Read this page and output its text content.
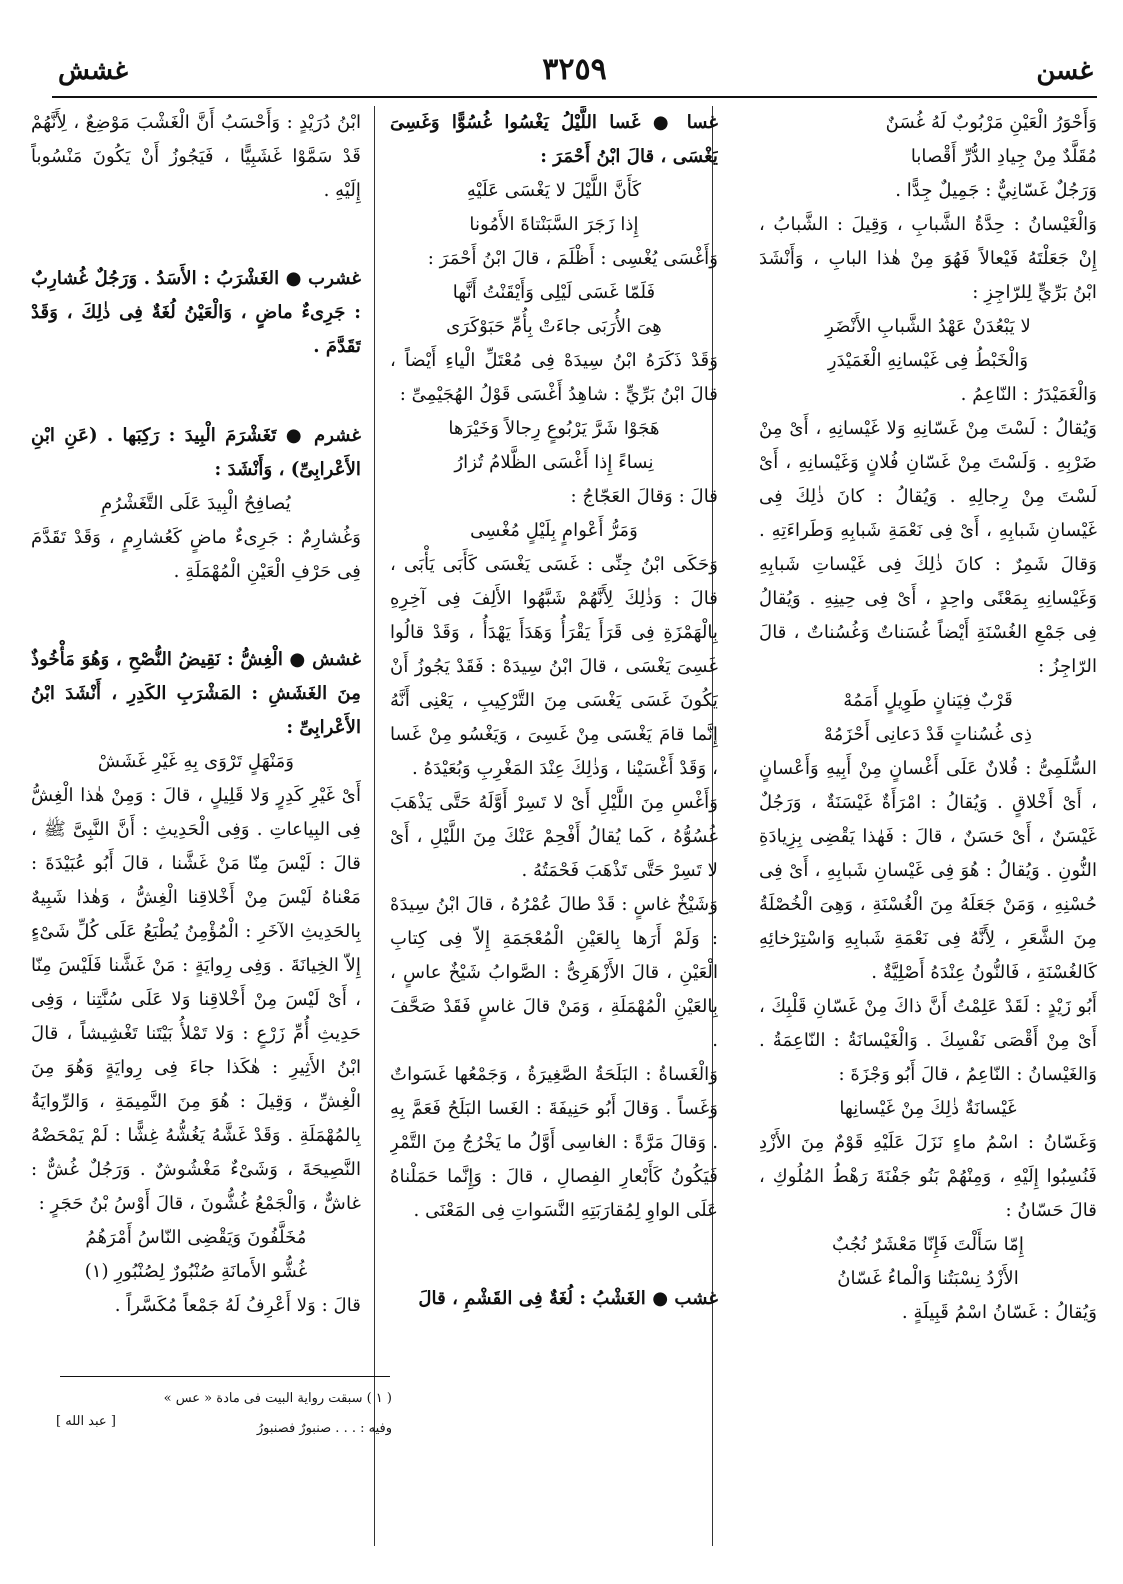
غسن
٣٢٥٩
غشش

وَأَحْوَرُ الْعَيْنِ مَرْبُوبٌ لَهُ غُسَنٌ

مُقَلَّدٌ مِنْ جِيادِ الدُّرِّ أَقْصابا

وَرَجُلٌ غَسّانِيٌّ : جَمِيلٌ جِدًّا .

وَالْغَيْسانُ : حِدَّةُ الشَّبابِ ، وَقِيلَ : الشَّبابُ ، إِنْ جَعَلْتَهُ فَيْعالاً فَهُوَ مِنْ هٰذا البابِ ، وَأَنْشَدَ ابْنُ بَرِّيٍّ لِلرّاجِزِ :

لا يَبْعُدَنْ عَهْدُ الشَّبابِ الأَنْضَرِ

وَالْخَبْطُ فِى غَيْسانِهِ الْغَمَيْدَرِ

وَالْغَمَيْدَرُ : النّاعِمُ .

وَيُقالُ : لَسْتَ مِنْ غَسّانِهِ وَلا غَيْسانِهِ ، أَىْ مِنْ ضَرْبِهِ . وَلَسْتَ مِنْ غَسّانِ فُلانٍ وَغَيْسانِهِ ، أَىْ لَسْتَ مِنْ رِجالِهِ . وَيُقالُ : كانَ ذٰلِكَ فِى غَيْسانِ شَبابِهِ ، أَىْ فِى نَعْمَةِ شَبابِهِ وَطَراءَتِهِ . وَقالَ شَمِرٌ : كانَ ذٰلِكَ فِى غَيْساتِ شَبابِهِ وَغَيْسانِهِ بِمَعْنًى واحِدٍ ، أَىْ فِى حِينِهِ . وَيُقالُ فِى جَمْعِ الغُسْنَةِ أَيْضاً غُسَناتٌ وَغُسُناتٌ ، قالَ الرّاجِزُ :

قَرْبٌ فِيَنانٍ طَوِيلٍ أَمَمُهْ

ذِى غُسُناتٍ قَدْ دَعانِى أَحْزَمُهْ

السُّلَمِىُّ : فُلانٌ عَلَى أَغْسانٍ مِنْ أَبِيهِ وَأَعْسانٍ ، أَىْ أَخْلاقٍ . وَيُقالُ : امْرَأَةٌ غَيْسَنَةٌ ، وَرَجُلٌ غَيْسَنٌ ، أَىْ حَسَنٌ ، قالَ : فَهٰذا يَقْضِى بِزِيادَةِ النُّونِ . وَيُقالُ : هُوَ فِى غَيْسانِ شَبابِهِ ، أَىْ فِى حُسْنِهِ ، وَمَنْ جَعَلَهُ مِنَ الْغُسْنَةِ ، وَهِىَ الْخُصْلَةُ مِنَ الشَّعَرِ ، لِأَنَّهُ فِى نَعْمَةِ شَبابِهِ وَاسْتِرْخائِهِ كَالغُسْنَةِ ، فَالنُّونُ عِنْدَهُ أَصْلِيَّةٌ .

أَبُو زَيْدٍ : لَقَدْ عَلِمْتُ أَنَّ ذاكَ مِنْ غَسّانِ قَلْبِكَ ، أَىْ مِنْ أَقْصَى نَفْسِكَ . وَالْغَيْسانَةُ : النّاعِمَةُ . وَالغَيْسانُ : النّاعِمُ ، قالَ أَبُو وَجْزَةَ :

غَيْسانَةٌ ذٰلِكَ مِنْ غَيْسانِها

وَغَسّانُ : اسْمُ ماءٍ نَزَلَ عَلَيْهِ قَوْمٌ مِنَ الأَزْدِ فَنُسِبُوا إِلَيْهِ ، وَمِنْهُمْ بَنُو جَفْنَةَ رَهْطُ المُلُوكِ ، قالَ حَسّانُ :

إِمّا سَأَلْتَ فَإِنّا مَعْشَرٌ نُجُبٌ

الأَزْدُ نِسْبَتُنا وَالْماءُ غَسّانُ

وَيُقالُ : غَسّانُ اسْمُ قَبِيلَةٍ .

غسا ● غَسا اللَّيْلُ يَغْسُوا غُسُوًّا وَغَسِىَ يَغْسَى ، قالَ ابْنُ أَحْمَرَ :

كَأَنَّ اللَّيْلَ لا يَغْسَى عَلَيْهِ

إِذا زَجَرَ السَّبَنْتاةَ الأَمُونا

وَأَغْسَى يُغْسِى : أَظْلَمَ ، قالَ ابْنُ أَحْمَرَ :

فَلَمّا غَسَى لَيْلِى وَأَيْقَنْتُ أَنَّها

هِىَ الأُرَبَى جاءَتْ بِأُمِّ حَبَوْكَرَى

وَقَدْ ذَكَرَهُ ابْنُ سِيدَهْ فِى مُعْتَلِّ الْياءِ أَيْضاً ، قالَ ابْنُ بَرِّيٍّ : شاهِدُ أَغْسَى قَوْلُ الهُجَيْمِىِّ :

هَجَوْا شَرَّ يَرْبُوعٍ رِجالاً وَخَيْرَها

نِساءً إِذا أَغْسَى الظَّلامُ تُزارُ

قالَ : وَقالَ العَجّاجُ :

وَمَرُّ أَعْوامٍ بِلَيْلٍ مُغْسِى

وَحَكَى ابْنُ جِنِّى : غَسَى يَغْسَى كَأَبَى يَأْبَى ، قالَ : وَذٰلِكَ لِأَنَّهُمْ شَبَّهُوا الأَلِفَ فِى آخِرِهِ بِالْهَمْزَةِ فِى قَرَأَ يَقْرَأُ وَهَدَأَ يَهْدَأُ ، وَقَدْ قالُوا غَسِىَ يَغْسَى ، قالَ ابْنُ سِيدَهْ : فَقَدْ يَجُوزُ أَنْ يَكُونَ غَسَى يَغْسَى مِنَ التَّرْكِيبِ ، يَعْنِى أَنَّهُ إِنَّما قامَ يَغْسَى مِنْ غَسِىَ ، وَيَغْسُو مِنْ غَسا ، وَقَدْ أَغْسَيْنا ، وَذٰلِكَ عِنْدَ المَغْرِبِ وَبُعَيْدَهُ .

وَأَغْسِ مِنَ اللَّيْلِ أَىْ لا تَسِرْ أَوَّلَهُ حَتَّى يَذْهَبَ غُسُوُّهُ ، كَما يُقالُ أَفْحِمْ عَنْكَ مِنَ اللَّيْلِ ، أَىْ لا تَسِرْ حَتَّى تَذْهَبَ فَحْمَتُهُ .

وَشَيْخٌ غاسٍ : قَدْ طالَ عُمْرُهُ ، قالَ ابْنُ سِيدَهْ : وَلَمْ أَرَها بِالعَيْنِ الْمُعْجَمَةِ إِلاّ فِى كِتابِ الْعَيْنِ ، قالَ الأَزْهَرِىُّ : الصَّوابُ شَيْخٌ عاسٍ ، بِالعَيْنِ الْمُهْمَلَةِ ، وَمَنْ قالَ غاسٍ فَقَدْ صَحَّفَ .

وَالْغَساةُ : البَلَحَةُ الصَّغِيرَةُ ، وَجَمْعُها غَسَواتٌ وَغَساً . وَقالَ أَبُو حَنِيفَةَ : الغَسا البَلَحُ فَعَمَّ بِهِ . وَقالَ مَرَّةً : الغاسِى أَوَّلُ ما يَخْرُجُ مِنَ التَّمْرِ فَيَكُونُ كَأَبْعارِ الفِصالِ ، قالَ : وَإِنَّما حَمَلْناهُ عَلَى الواوِ لِمُقارَبَتِهِ النَّسَواتِ فِى المَعْنَى .

غشب ● الغَشْبُ : لُغَةٌ فِى القَشْمِ ، قالَ

ابْنُ دُرَيْدٍ : وَأَحْسَبُ أَنَّ الْغَشْبَ مَوْضِعٌ ، لِأَنَّهُمْ قَدْ سَمَّوْا غَشَبِيًّا ، فَيَجُوزُ أَنْ يَكُونَ مَنْسُوباً إِلَيْهِ .

غشرب ● الغَشْرَبُ : الأَسَدُ . وَرَجُلٌ غُشارِبٌ : جَرِىءٌ ماضٍ ، وَالْعَيْنُ لُغَةٌ فِى ذٰلِكَ ، وَقَدْ تَقَدَّمَ .

غشرم ● تَغَشْرَمَ الْبِيدَ : رَكِبَها . (عَنِ ابْنِ الأَعْرابِىِّ) ، وَأَنْشَدَ :

يُصافِحُ الْبِيدَ عَلَى التَّغَشْرُمِ

وَغُشارِمٌ : جَرِىءٌ ماضٍ كَعُشارِمٍ ، وَقَدْ تَقَدَّمَ فِى حَرْفِ الْعَيْنِ الْمُهْمَلَةِ .

غشش ● الْغِشُّ : نَقِيضُ النُّصْحِ ، وَهُوَ مَأْخُوذٌ مِنَ الغَشَشِ : المَشْرَبِ الكَدِرِ ، أَنْشَدَ ابْنُ الأَعْرابِىِّ :

وَمَنْهَلٍ تَرْوَى بِهِ غَيْرِ غَشَشْ

أَىْ غَيْرِ كَدِرٍ وَلا قَلِيلٍ ، قالَ : وَمِنْ هٰذا الْغِشُّ فِى البِياعاتِ . وَفِى الْحَدِيثِ : أَنَّ النَّبِىَّ ﷺ ، قالَ : لَيْسَ مِنّا مَنْ غَشَّنا ، قالَ أَبُو عُبَيْدَةَ : مَعْناهُ لَيْسَ مِنْ أَخْلاقِنا الْغِشُّ ، وَهٰذا شَبِيهٌ بِالحَدِيثِ الآخَرِ : الْمُؤْمِنُ يُطْبَعُ عَلَى كُلِّ شَىْءٍ إِلاّ الخِيانَةَ . وَفِى رِوايَةٍ : مَنْ غَشَّنا فَلَيْسَ مِنّا ، أَىْ لَيْسَ مِنْ أَخْلاقِنا وَلا عَلَى سُنَّتِنا ، وَفِى حَدِيثِ أُمِّ زَرْعٍ : وَلا تَمْلأُ بَيْتَنا تَغْشِيشاً ، قالَ ابْنُ الأَثِيرِ : هٰكَذا جاءَ فِى رِوايَةٍ وَهُوَ مِنَ الْغِشِّ ، وَقِيلَ : هُوَ مِنَ النَّمِيمَةِ ، وَالرِّوايَةُ بِالمُهْمَلَةِ . وَقَدْ غَشَّهُ يَغُشُّهُ غِشًّا : لَمْ يَمْحَضْهُ النَّصِيحَةَ ، وَشَىْءٌ مَغْشُوشٌ . وَرَجُلٌ غُشٌّ : غاشٌّ ، وَالْجَمْعُ غُشُّونَ ، قالَ أَوْسُ بْنُ حَجَرٍ :

مُخَلَّفُونَ وَيَقْضِى النّاسُ أَمْرَهُمُ

غُشُّو الأَمانَةِ صُنْبُورٌ لِصُنْبُورِ (١)

قالَ : وَلا أَعْرِفُ لَهُ جَمْعاً مُكَسَّراً .

( ١ ) سبقت رواية البيت فى مادة « عس »
وفيه : . . . صنبورٌ فصنبورُ
[ عبد الله ]
